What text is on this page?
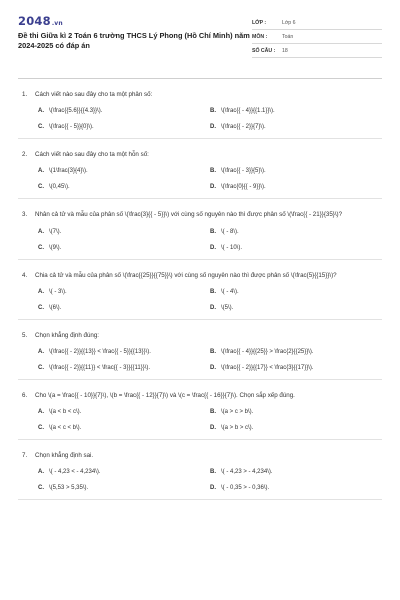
2048.vn
Đề thi Giữa kì 2 Toán 6 trường THCS Lý Phong (Hồ Chí Minh) năm 2024-2025 có đáp án
LỚP :	Lớp 6
MÔN :	Toán
SỐ CÂU :	18
1.	Cách viết nào sau đây cho ta một phân số:
A. \(\frac{{5.6}}{{4.3}}\).	B. \(\frac{{ - 4}}{{1.1}}\).
C. \(\frac{{ - 5}}{0}\).	D. \(\frac{{ - 2}}{7}\).
2.	Cách viết nào sau đây cho ta một hỗn số:
A. \(1\frac{3}{4}\).	B. \(\frac{{ - 3}}{5}\).
C. \(0,45\).	D. \(\frac{0}{{ - 9}}\).
3.	Nhân cả tử và mẫu của phân số \(\frac{3}{{ - 5}}\) với cùng số nguyên nào thì được phân số \(\frac{{ - 21}}{35}\)?
A. \(7\).	B. \( - 8\).
C. \(9\).	D. \( - 10\).
4.	Chia cả tử và mẫu của phân số \(\frac{{25}}{{75}}\) với cùng số nguyên nào thì được phân số \(\frac{5}{{15}}\)?
A. \( - 3\).	B. \( - 4\).
C. \(6\).	D. \(5\).
5.	Chọn khẳng định đúng:
A. \(\frac{{ - 2}}{{13}} < \frac{{ - 5}}{{13}}\).	B. \(\frac{{ - 4}}{{25}} > \frac{2}{{25}}\).
C. \(\frac{{ - 2}}{{11}} < \frac{{ - 3}}{{11}}\).	D. \(\frac{{ - 2}}{{17}} < \frac{3}{{17}}\).
6.	Cho \(a = \frac{{ - 10}}{7}\), \(b = \frac{{ - 12}}{7}\) và \(c = \frac{{ - 16}}{7}\). Chọn sắp xếp đúng.
A. \(a < b < c\).	B. \(a > c > b\).
C. \(a < c < b\).	D. \(a > b > c\).
7.	Chọn khẳng định sai.
A. \( - 4,23 < - 4,234\).	B. \( - 4,23 > - 4,234\).
C. \(5,53 > 5,35\).	D. \( - 0,35 > - 0,36\).
